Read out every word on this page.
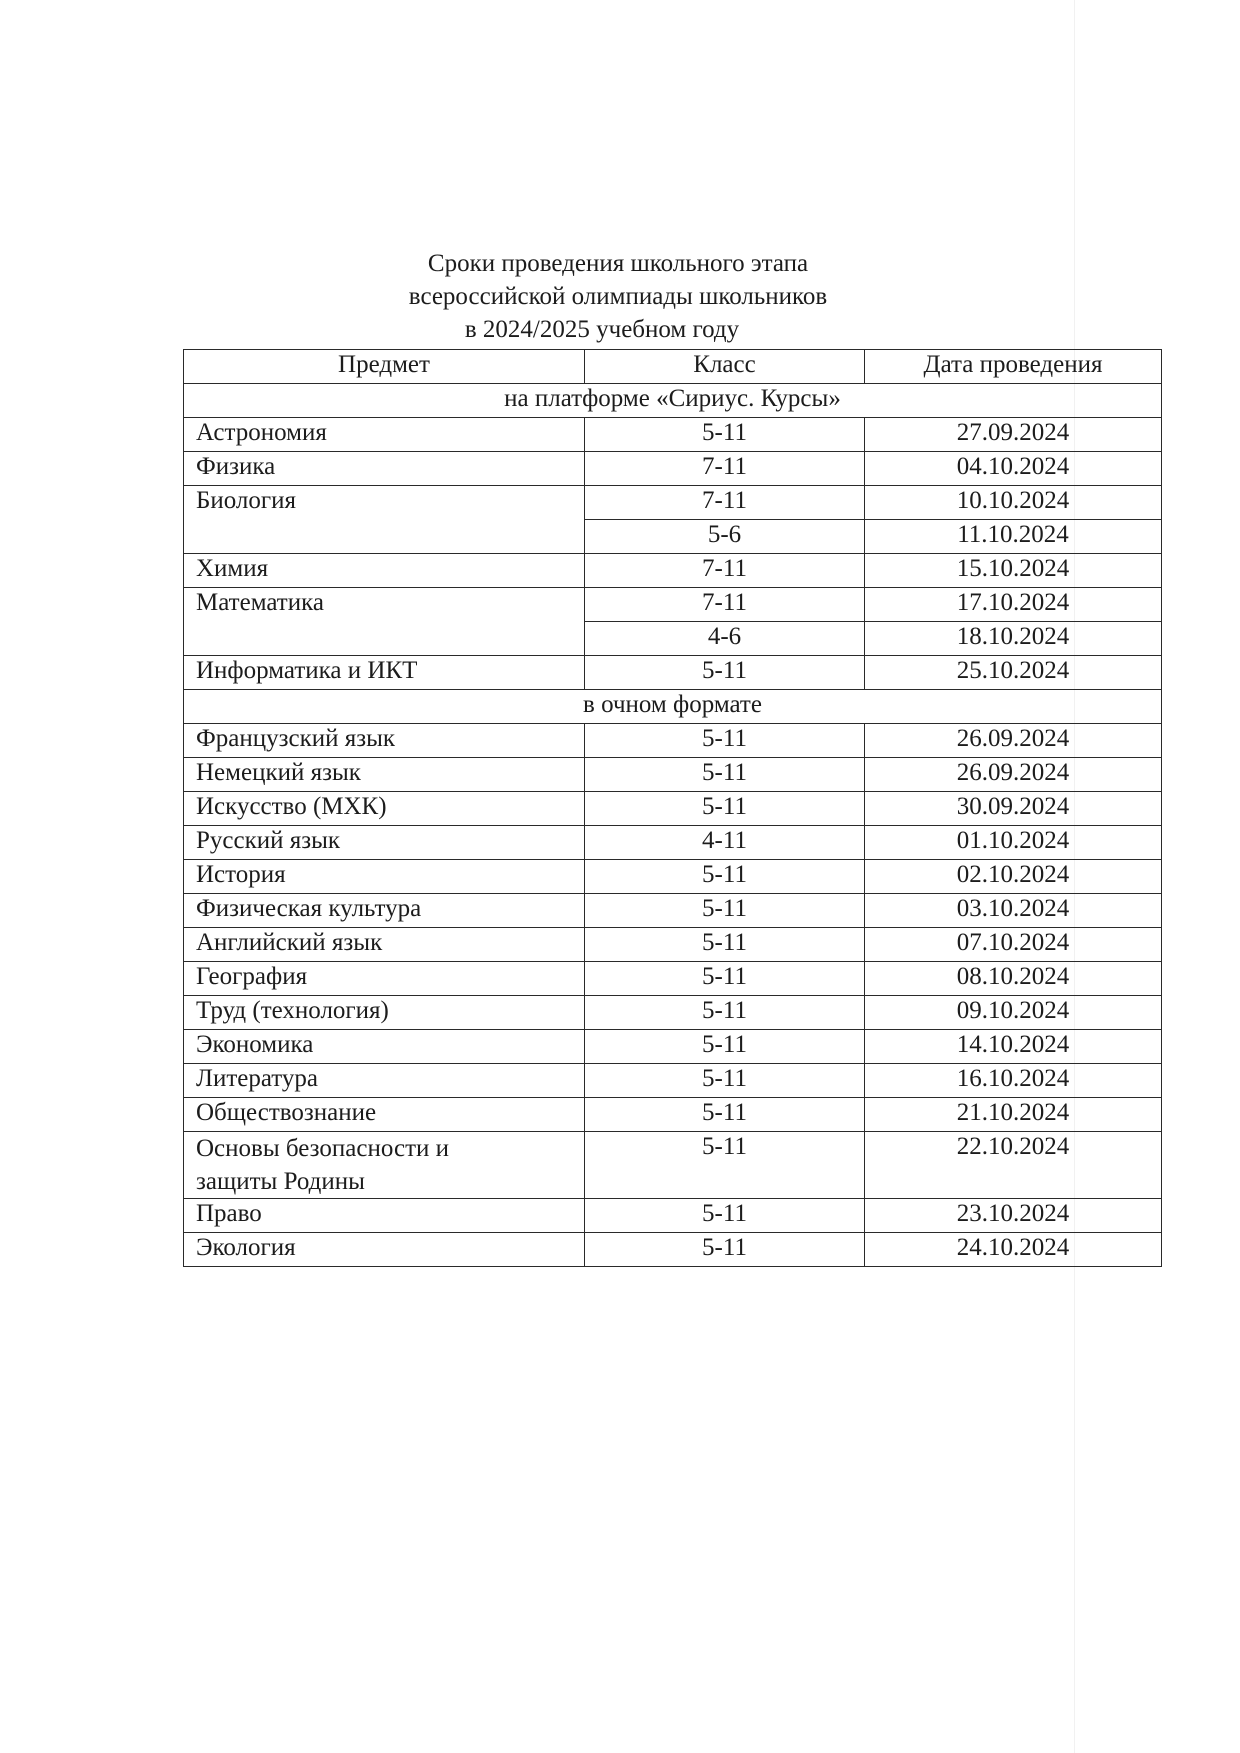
Сроки проведения школьного этапа
всероссийской олимпиады школьников
в 2024/2025 учебном году
Предмет	Класс	Дата проведения
на платформе «Сириус. Курсы»		
Астрономия	5-11	27.09.2024
Физика	7-11	04.10.2024
Биология	7-11	10.10.2024
	5-6	11.10.2024
Химия	7-11	15.10.2024
Математика	7-11	17.10.2024
	4-6	18.10.2024
Информатика и ИКТ	5-11	25.10.2024
в очном формате		
Французский язык	5-11	26.09.2024
Немецкий язык	5-11	26.09.2024
Искусство (МХК)	5-11	30.09.2024
Русский язык	4-11	01.10.2024
История	5-11	02.10.2024
Физическая культура	5-11	03.10.2024
Английский язык	5-11	07.10.2024
География	5-11	08.10.2024
Труд (технология)	5-11	09.10.2024
Экономика	5-11	14.10.2024
Литература	5-11	16.10.2024
Обществознание	5-11	21.10.2024

Основы безопасности и
защиты Родины	5-11	22.10.2024
Право	5-11	23.10.2024
Экология	5-11	24.10.2024
